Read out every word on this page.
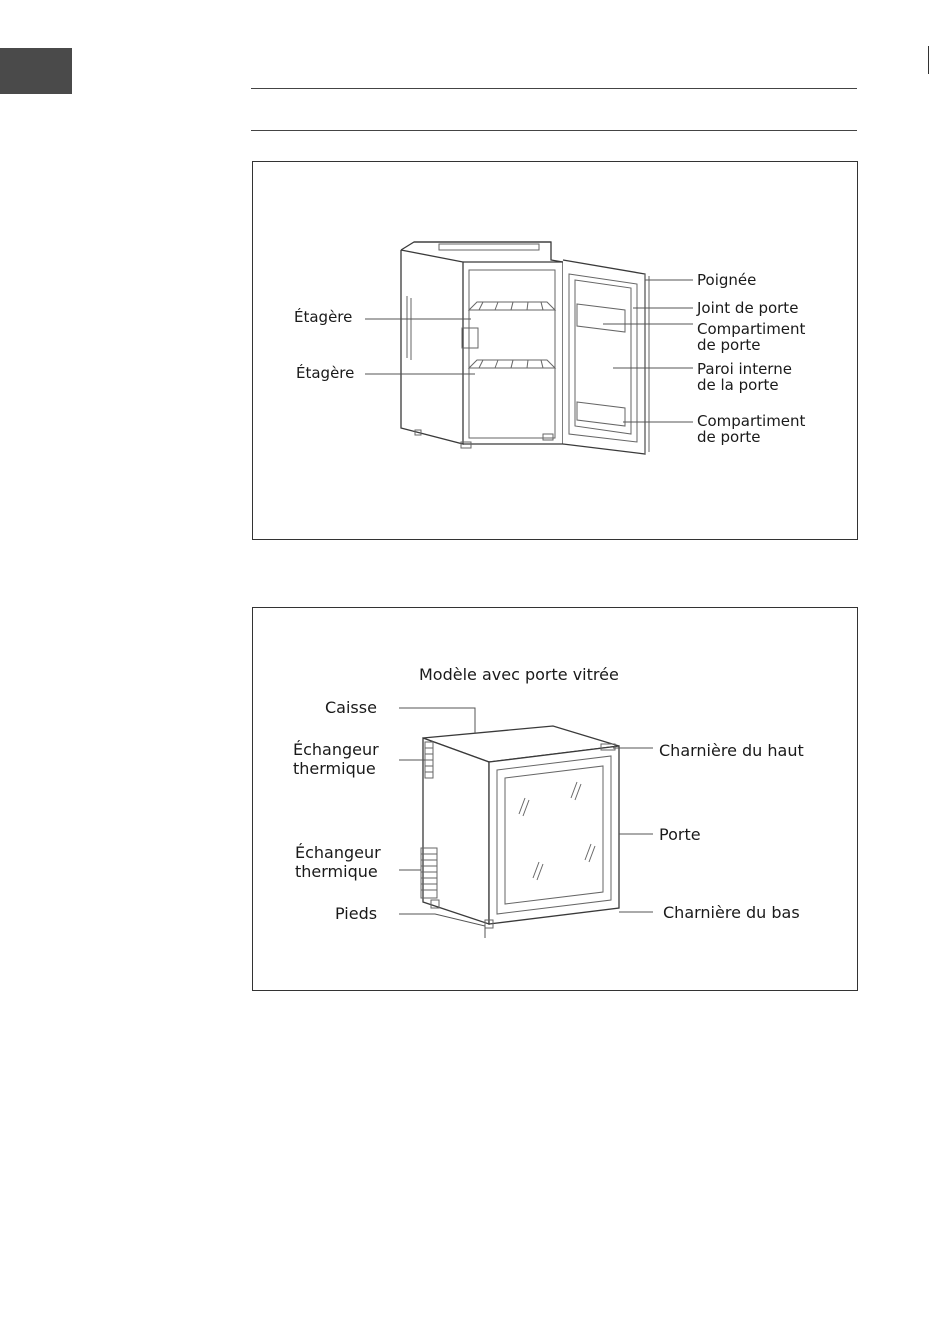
Étagère
Étagère
Poignée
Joint de porte
Compartiment
de porte
Paroi interne
de la porte
Compartiment
de porte
Modèle avec porte vitrée
Caisse
Échangeur
thermique
Échangeur
thermique
Pieds
Charnière du haut
Porte
Charnière du bas
